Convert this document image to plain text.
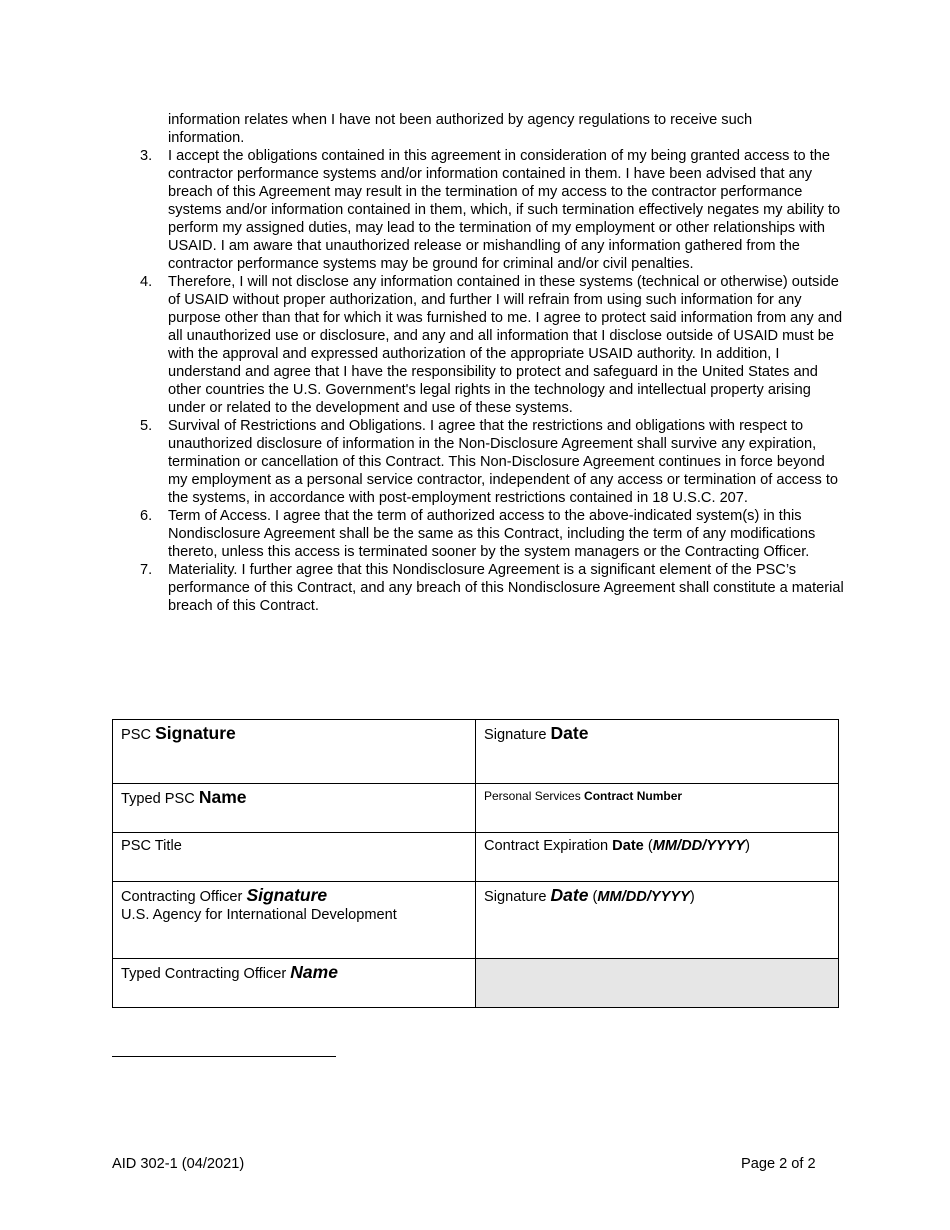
information relates when I have not been authorized by agency regulations to receive such information.

3.	I accept the obligations contained in this agreement in consideration of my being granted access to the contractor performance systems and/or information contained in them. I have been advised that any breach of this Agreement may result in the termination of my access to the contractor performance systems and/or information contained in them, which, if such termination effectively negates my ability to perform my assigned duties, may lead to the termination of my employment or other relationships with USAID. I am aware that unauthorized release or mishandling of any information gathered from the contractor performance systems may be ground for criminal and/or civil penalties.
4.	Therefore, I will not disclose any information contained in these systems (technical or otherwise) outside of USAID without proper authorization, and further I will refrain from using such information for any purpose other than that for which it was furnished to me. I agree to protect said information from any and all unauthorized use or disclosure, and any and all information that I disclose outside of USAID must be with the approval and expressed authorization of the appropriate USAID authority. In addition, I understand and agree that I have the responsibility to protect and safeguard in the United States and other countries the U.S. Government's legal rights in the technology and intellectual property arising under or related to the development and use of these systems.
5.	Survival of Restrictions and Obligations. I agree that the restrictions and obligations with respect to unauthorized disclosure of information in the Non-Disclosure Agreement shall survive any expiration, termination or cancellation of this Contract. This Non-Disclosure Agreement continues in force beyond my employment as a personal service contractor, independent of any access or termination of access to the systems, in accordance with post-employment restrictions contained in 18 U.S.C. 207.
6.	Term of Access. I agree that the term of authorized access to the above-indicated system(s) in this Nondisclosure Agreement shall be the same as this Contract, including the term of any modifications thereto, unless this access is terminated sooner by the system managers or the Contracting Officer.
7.	Materiality. I further agree that this Nondisclosure Agreement is a significant element of the PSC’s performance of this Contract, and any breach of this Nondisclosure Agreement shall constitute a material breach of this Contract.
PSC Signature	Signature Date
Typed PSC Name	Personal Services Contract Number
PSC Title	Contract Expiration Date (MM/DD/YYYY)
Contracting Officer Signature
U.S. Agency for International Development	Signature Date (MM/DD/YYYY)
Typed Contracting Officer Name	
AID 302-1 (04/2021)	Page 2 of 2
